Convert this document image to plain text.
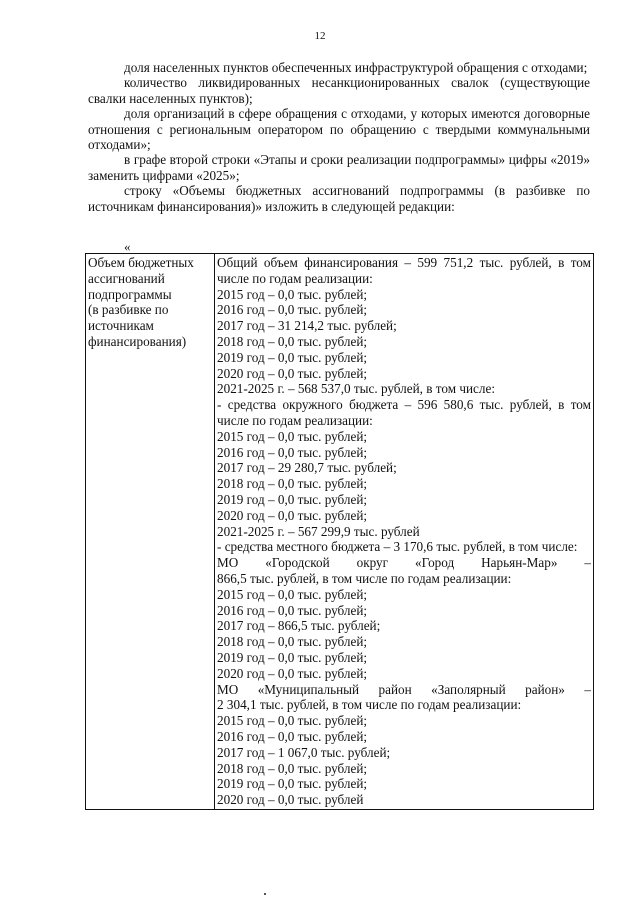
12

доля населенных пунктов обеспеченных инфраструктурой обращения с отходами;

количество ликвидированных несанкционированных свалок (существующие свалки населенных пунктов);

доля организаций в сфере обращения с отходами, у которых имеются договорные отношения с региональным оператором по обращению с твердыми коммунальными отходами»;

в графе второй строки «Этапы и сроки реализации подпрограммы» цифры «2019» заменить цифрами «2025»;

строку «Объемы бюджетных ассигнований подпрограммы (в разбивке по источникам финансирования)» изложить в следующей редакции:

«
Объем бюджетных
ассигнований
подпрограммы
(в разбивке по
источникам
финансирования)

Общий объем финансирования – 599 751,2 тыс. рублей, в том числе по годам реализации:
2015 год – 0,0 тыс. рублей;
2016 год – 0,0 тыс. рублей;
2017 год – 31 214,2 тыс. рублей;
2018 год – 0,0 тыс. рублей;
2019 год – 0,0 тыс. рублей;
2020 год – 0,0 тыс. рублей;
2021-2025 г. – 568 537,0 тыс. рублей, в том числе:
- средства окружного бюджета – 596 580,6 тыс. рублей, в том числе по годам реализации:
2015 год – 0,0 тыс. рублей;
2016 год – 0,0 тыс. рублей;
2017 год – 29 280,7 тыс. рублей;
2018 год – 0,0 тыс. рублей;
2019 год – 0,0 тыс. рублей;
2020 год – 0,0 тыс. рублей;
2021-2025 г. – 567 299,9 тыс. рублей
- средства местного бюджета – 3 170,6 тыс. рублей, в том числе:
МО «Городской округ «Город Нарьян-Мар» –
866,5 тыс. рублей, в том числе по годам реализации:
2015 год – 0,0 тыс. рублей;
2016 год – 0,0 тыс. рублей;
2017 год – 866,5 тыс. рублей;
2018 год – 0,0 тыс. рублей;
2019 год – 0,0 тыс. рублей;
2020 год – 0,0 тыс. рублей;
МО «Муниципальный район «Заполярный район» –
2 304,1 тыс. рублей, в том числе по годам реализации:
2015 год – 0,0 тыс. рублей;
2016 год – 0,0 тыс. рублей;
2017 год – 1 067,0 тыс. рублей;
2018 год – 0,0 тыс. рублей;
2019 год – 0,0 тыс. рублей;
2020 год – 0,0 тыс. рублей
